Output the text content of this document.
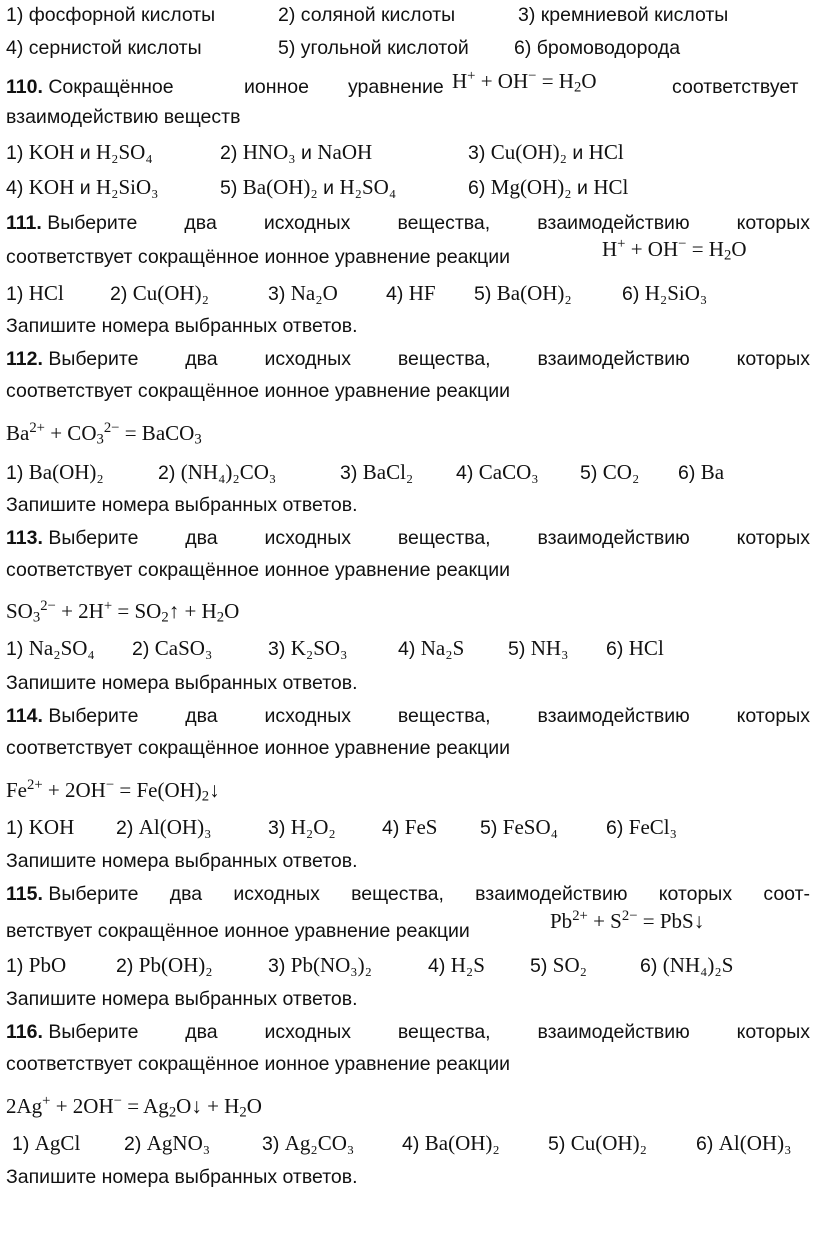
1) фосфорной кислоты	2) соляной кислоты	3) кремниевой кислоты
4) сернистой кислоты	5) угольной кислотой 6) бромоводорода
110. Сокращённое	ионное уравнение $H^+ + OH^- = H_2O$	соответствует
взаимодействию веществ
1) KOH и H₂SO₄	2) HNO₃ и NaOH	3) Cu(OH)₂ и HCl
4) KOH и H₂SiO₃	5) Ba(OH)₂ и H₂SO₄	6) Mg(OH)₂ и HCl
111. Выберите два исходных вещества, взаимодействию которых
соответствует сокращённое ионное уравнение реакции	$H^+ + OH^- = H_2O$
1) HCl 2) Cu(OH)₂	3) Na₂O 4) HF 5) Ba(OH)₂	6) H₂SiO₃
Запишите номера выбранных ответов.
112. Выберите два исходных вещества, взаимодействию которых
соответствует сокращённое ионное уравнение реакции
$Ba^{2+} + CO_3^{2-}$ = BaCO$_3$
1) Ba(OH)₂	2) (NH₄)₂CO₃	3) BaCl₂ 4) CaCO₃ 5) CO₂ 6) Ba
Запишите номера выбранных ответов.
113. Выберите два исходных вещества, взаимодействию которых
соответствует сокращённое ионное уравнение реакции
$SO_3^{2-} + 2H^+$ = $SO_2↑ + H_2O$
1) Na₂SO₄ 2) CaSO₃	3) K₂SO₃	4) Na₂S 5) NH₃ 6) HCl
Запишите номера выбранных ответов.
114. Выберите два исходных вещества, взаимодействию которых
соответствует сокращённое ионное уравнение реакции
$Fe^{2+} + 2OH^-$ = $Fe(OH)_2↓$
1) KOH 2) Al(OH)₃	3) H₂O₂ 4) FeS 5) FeSO₄ 6) FeCl₃
Запишите номера выбранных ответов.
115. Выберите два исходных вещества, взаимодействию которых соот-
ветствует сокращённое ионное уравнение реакции	$Pb^{2+} + S^{2-}$ = PbS↓
1) PbO	2) Pb(OH)₂	3) Pb(NO₃)₂	4) H₂S 5) SO₂	6) (NH₄)₂S
Запишите номера выбранных ответов.
116. Выберите два исходных вещества, взаимодействию которых
соответствует сокращённое ионное уравнение реакции
$2Ag^+ + 2OH^- = Ag_2O↓ + H_2O$
1) AgCl 2) AgNO₃	3) Ag₂CO₃ 4) Ba(OH)₂ 5) Cu(OH)₂	6) Al(OH)₃
Запишите номера выбранных ответов.
